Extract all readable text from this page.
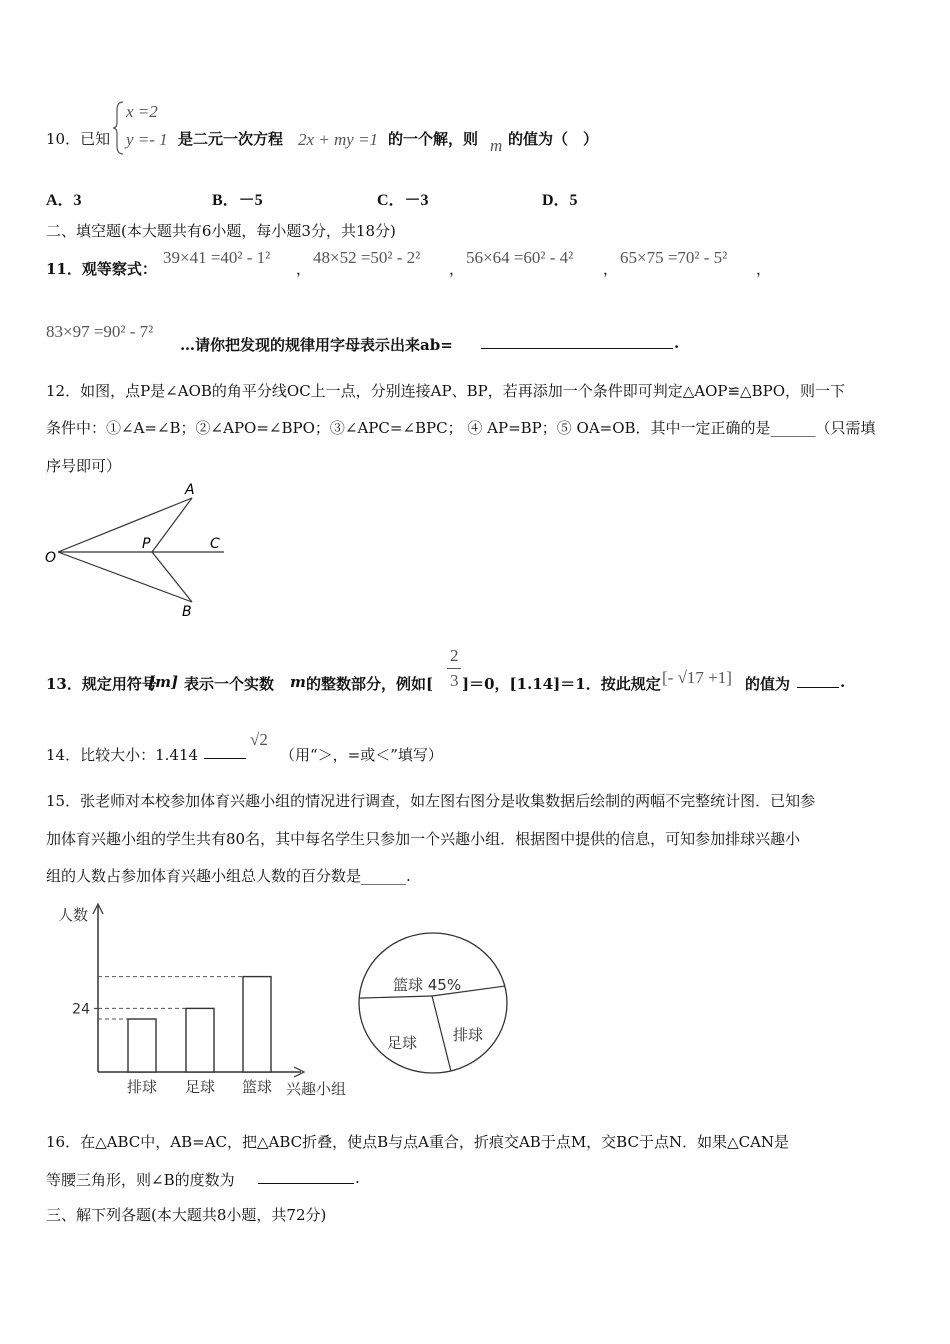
10．已知
x =2
y =- 1 是二元一次方程 2x + my =1 的一个解，则 m 的值为（　）
A．3	B．－5	C．－3	D．5
二、填空题(本大题共有6小题，每小题3分，共18分)
11．观等察式：
39×41 =40² - 1²
，
48×52 =50² - 2²
，
56×64 =60² - 4²
，
65×75 =70² - 5²
，
83×97 =90² - 7²
…请你把发现的规律用字母表示出来ab=	.
12．如图，点P是∠AOB的角平分线OC上一点，分别连接AP、BP，若再添加一个条件即可判定△AOP≌△BPO，则一下
条件中：①∠A=∠B；②∠APO=∠BPO；③∠APC=∠BPC； ④ AP=BP；⑤ OA=OB．其中一定正确的是______（只需填
序号即可）
A
O
P	C
B
13．规定用符号
[m] 表示一个实数 m 的整数部分，例如[
2
3 ]＝0，[1.14]＝1．按此规定 [- √17 +1] 的值为	.
14．比较大小：1.414
√2
（用“＞，=或＜”填写）
15．张老师对本校参加体育兴趣小组的情况进行调查，如左图右图分是收集数据后绘制的两幅不完整统计图．已知参
加体育兴趣小组的学生共有80名，其中每名学生只参加一个兴趣小组．根据图中提供的信息，可知参加排球兴趣小
组的人数占参加体育兴趣小组总人数的百分数是______.
人数
兴趣小组
排球 足球 篮球
24
篮球 45%
排球
足球
16．在△ABC中，AB=AC，把△ABC折叠，使点B与点A重合，折痕交AB于点M，交BC于点N．如果△CAN是
等腰三角形，则∠B的度数为	.
三、解下列各题(本大题共8小题，共72分)
